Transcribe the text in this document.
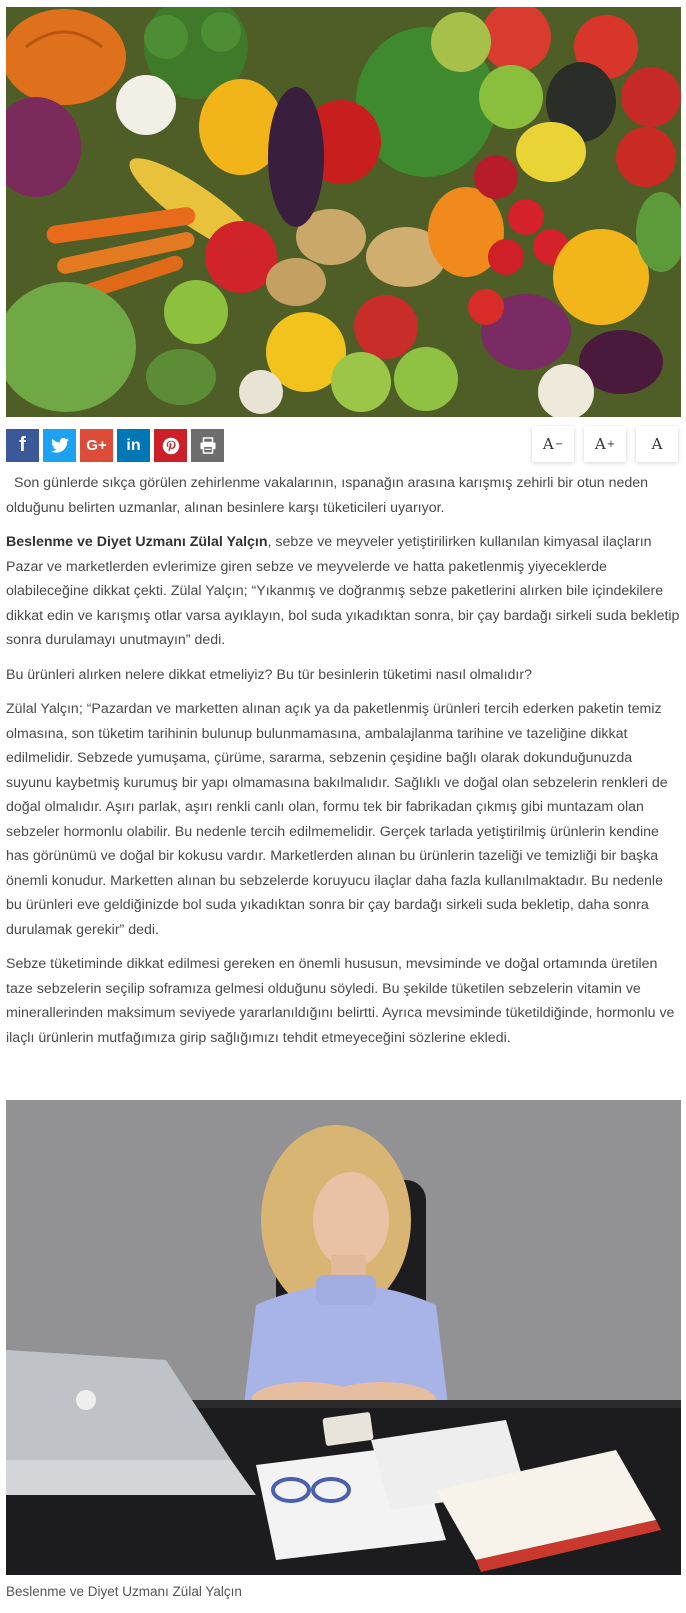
f	G+ in	A − A + A

Son günlerde sıkça görülen zehirlenme vakalarının, ıspanağın arasına karışmış zehirli bir otun neden olduğunu belirten uzmanlar, alınan besinlere karşı tüketicileri uyarıyor.

Beslenme ve Diyet Uzmanı Zülal Yalçın, sebze ve meyveler yetiştirilirken kullanılan kimyasal ilaçların Pazar ve marketlerden evlerimize giren sebze ve meyvelerde ve hatta paketlenmiş yiyeceklerde olabileceğine dikkat çekti. Zülal Yalçın; “Yıkanmış ve doğranmış sebze paketlerini alırken bile içindekilere dikkat edin ve karışmış otlar varsa ayıklayın, bol suda yıkadıktan sonra, bir çay bardağı sirkeli suda bekletip sonra durulamayı unutmayın” dedi.

Bu ürünleri alırken nelere dikkat etmeliyiz? Bu tür besinlerin tüketimi nasıl olmalıdır?

Zülal Yalçın; “Pazardan ve marketten alınan açık ya da paketlenmiş ürünleri tercih ederken paketin temiz olmasına, son tüketim tarihinin bulunup bulunmamasına, ambalajlanma tarihine ve tazeliğine dikkat edilmelidir. Sebzede yumuşama, çürüme, sararma, sebzenin çeşidine bağlı olarak dokunduğunuzda suyunu kaybetmiş kurumuş bir yapı olmamasına bakılmalıdır. Sağlıklı ve doğal olan sebzelerin renkleri de doğal olmalıdır. Aşırı parlak, aşırı renkli canlı olan, formu tek bir fabrikadan çıkmış gibi muntazam olan sebzeler hormonlu olabilir. Bu nedenle tercih edilmemelidir. Gerçek tarlada yetiştirilmiş ürünlerin kendine has görünümü ve doğal bir kokusu vardır. Marketlerden alınan bu ürünlerin tazeliği ve temizliği bir başka önemli konudur. Marketten alınan bu sebzelerde koruyucu ilaçlar daha fazla kullanılmaktadır. Bu nedenle bu ürünleri eve geldiğinizde bol suda yıkadıktan sonra bir çay bardağı sirkeli suda bekletip, daha sonra durulamak gerekir” dedi.

Sebze tüketiminde dikkat edilmesi gereken en önemli hususun, mevsiminde ve doğal ortamında üretilen taze sebzelerin seçilip soframıza gelmesi olduğunu söyledi. Bu şekilde tüketilen sebzelerin vitamin ve minerallerinden maksimum seviyede yararlanıldığını belirtti. Ayrıca mevsiminde tüketildiğinde, hormonlu ve ilaçlı ürünlerin mutfağımıza girip sağlığımızı tehdit etmeyeceğini sözlerine ekledi.

Beslenme ve Diyet Uzmanı Zülal Yalçın
